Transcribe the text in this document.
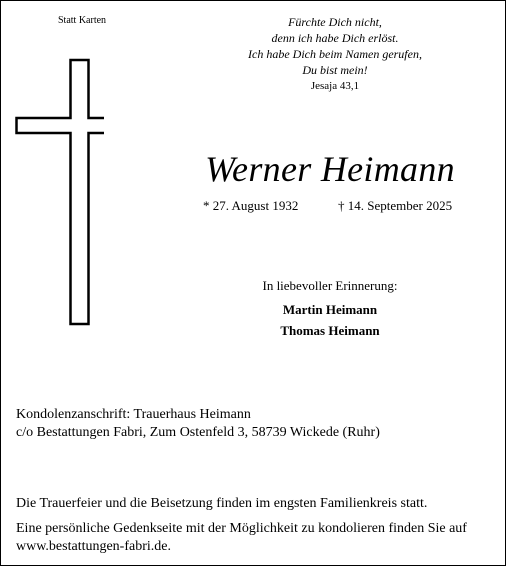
Statt Karten	Fürchte Dich nicht,
denn ich habe Dich erlöst.
Ich habe Dich beim Namen gerufen,
Du bist mein!
Jesaja 43,1
Werner Heimann
* 27. August 1932	† 14. September 2025
In liebevoller Erinnerung:
Martin Heimann
Thomas Heimann
Kondolenzanschrift: Trauerhaus Heimann
c/o Bestattungen Fabri, Zum Ostenfeld 3, 58739 Wickede (Ruhr)
Die Trauerfeier und die Beisetzung finden im engsten Familienkreis statt.
Eine persönliche Gedenkseite mit der Möglichkeit zu kondolieren finden Sie auf
www.bestattungen-fabri.de.
